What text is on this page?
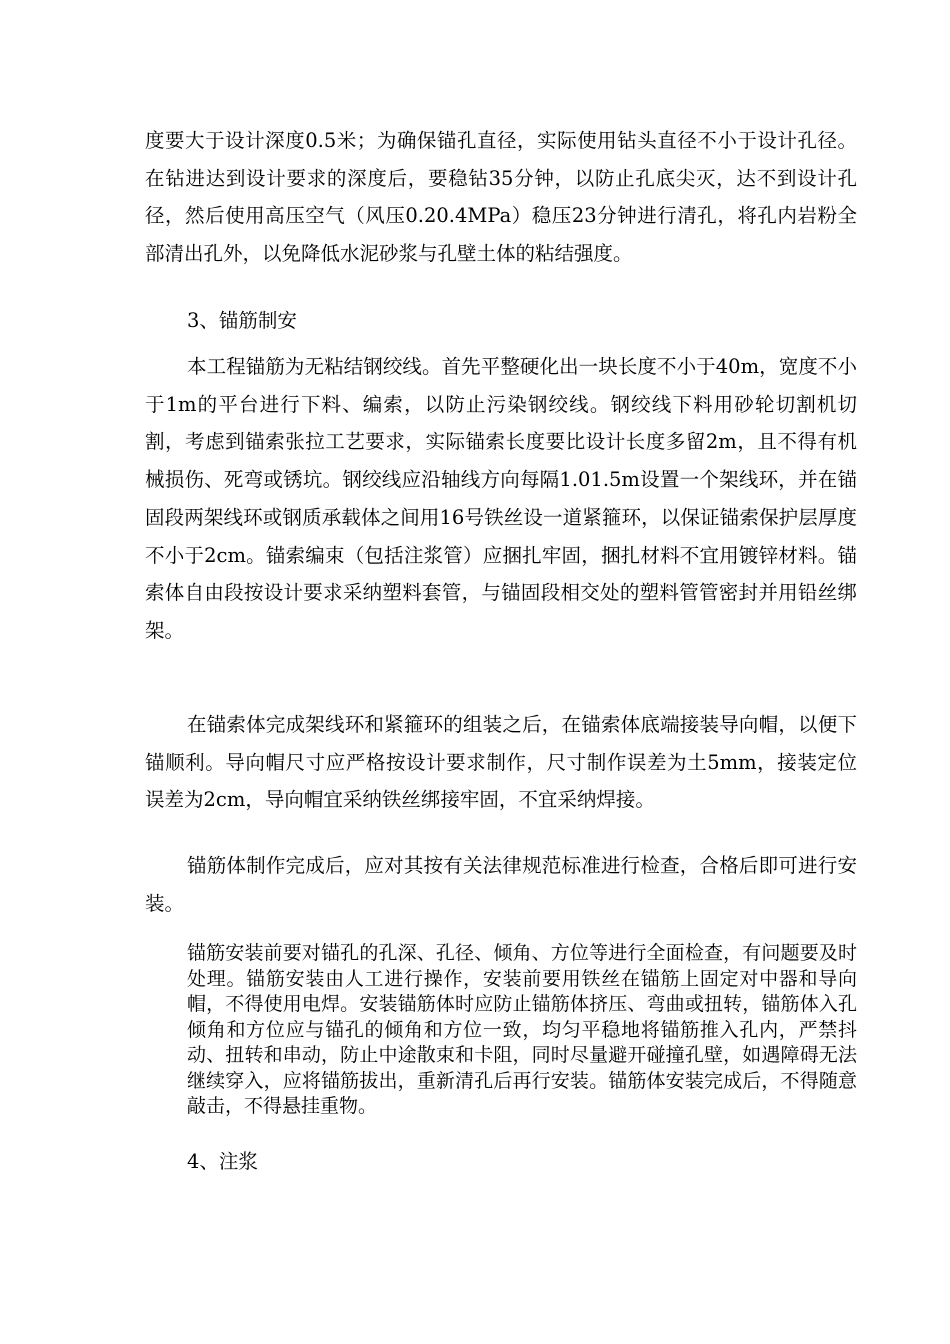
度要大于设计深度0.5米；为确保锚孔直径，实际使用钻头直径不小于设计孔径。在钻进达到设计要求的深度后，要稳钻35分钟，以防止孔底尖灭，达不到设计孔径，然后使用高压空气（风压0.20.4MPa）稳压23分钟进行清孔，将孔内岩粉全部清出孔外，以免降低水泥砂浆与孔壁土体的粘结强度。

3、锚筋制安

本工程锚筋为无粘结钢绞线。首先平整硬化出一块长度不小于40m，宽度不小于1m的平台进行下料、编索，以防止污染钢绞线。钢绞线下料用砂轮切割机切割，考虑到锚索张拉工艺要求，实际锚索长度要比设计长度多留2m，且不得有机械损伤、死弯或锈坑。钢绞线应沿轴线方向每隔1.01.5m设置一个架线环，并在锚固段两架线环或钢质承载体之间用16号铁丝设一道紧箍环，以保证锚索保护层厚度不小于2cm。锚索编束（包括注浆管）应捆扎牢固，捆扎材料不宜用镀锌材料。锚索体自由段按设计要求采纳塑料套管，与锚固段相交处的塑料管管密封并用铅丝绑架。

在锚索体完成架线环和紧箍环的组装之后，在锚索体底端接装导向帽，以便下锚顺利。导向帽尺寸应严格按设计要求制作，尺寸制作误差为土5mm，接装定位误差为2cm，导向帽宜采纳铁丝绑接牢固，不宜采纳焊接。

锚筋体制作完成后，应对其按有关法律规范标准进行检查，合格后即可进行安装。

锚筋安装前要对锚孔的孔深、孔径、倾角、方位等进行全面检查，有问题要及时处理。锚筋安装由人工进行操作，安装前要用铁丝在锚筋上固定对中器和导向帽，不得使用电焊。安装锚筋体时应防止锚筋体挤压、弯曲或扭转，锚筋体入孔倾角和方位应与锚孔的倾角和方位一致，均匀平稳地将锚筋推入孔内，严禁抖动、扭转和串动，防止中途散束和卡阻，同时尽量避开碰撞孔壁，如遇障碍无法继续穿入，应将锚筋拔出，重新清孔后再行安装。锚筋体安装完成后，不得随意敲击，不得悬挂重物。

4、注浆
